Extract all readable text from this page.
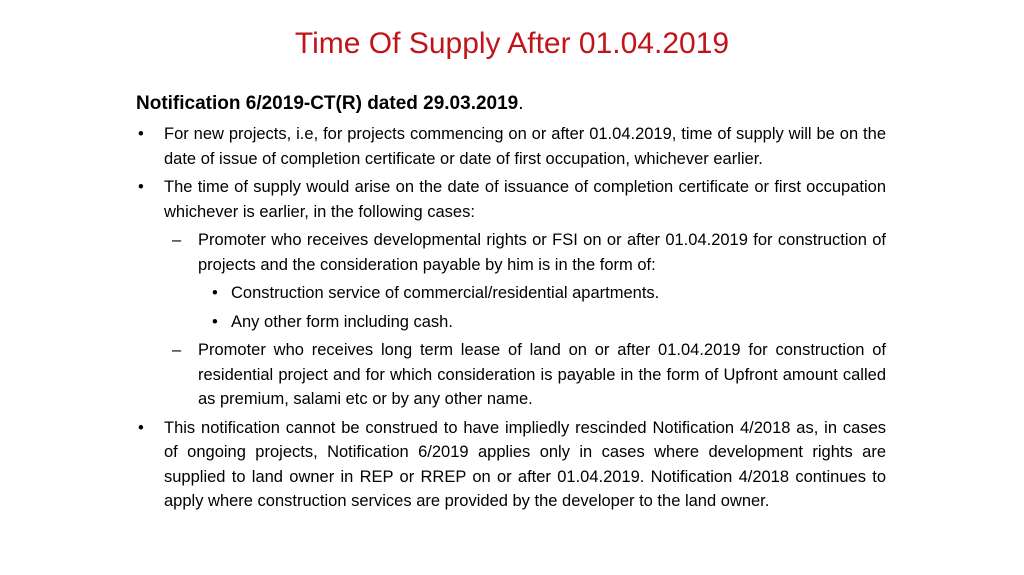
Time Of Supply After 01.04.2019
Notification 6/2019-CT(R) dated 29.03.2019.
• For new projects, i.e, for projects commencing on or after 01.04.2019, time of supply will be on the date of issue of completion certificate or date of first occupation, whichever earlier.
• The time of supply would arise on the date of issuance of completion certificate or first occupation whichever is earlier, in the following cases:
– Promoter who receives developmental rights or FSI on or after 01.04.2019 for construction of projects and the consideration payable by him is in the form of:
• Construction service of commercial/residential apartments.
• Any other form including cash.
– Promoter who receives long term lease of land on or after 01.04.2019 for construction of residential project and for which consideration is payable in the form of Upfront amount called as premium, salami etc or by any other name.
• This notification cannot be construed to have impliedly rescinded Notification 4/2018 as, in cases of ongoing projects, Notification 6/2019 applies only in cases where development rights are supplied to land owner in REP or RREP on or after 01.04.2019. Notification 4/2018 continues to apply where construction services are provided by the developer to the land owner.
